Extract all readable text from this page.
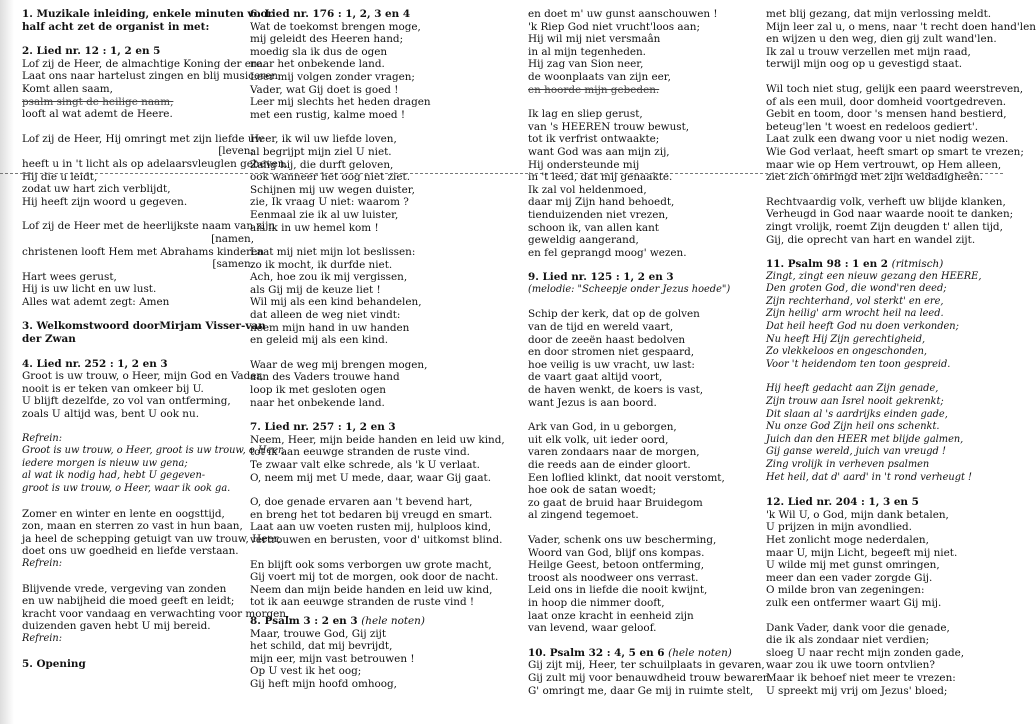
1. Muzikale inleiding, enkele minuten voor
half acht zet de organist in met:
2. Lied nr. 12 : 1, 2 en 5
Lof zij de Heer, de almachtige Koning der ere.
Laat ons naar hartelust zingen en blij musiceren.
Komt allen saam,
psalm singt de heilige naam,
looft al wat ademt de Heere.
Lof zij de Heer, Hij omringt met zijn liefde uw
[leven;
heeft u in 't licht als op adelaarsvleuglen geheven.
Hij die u leidt,
zodat uw hart zich verblijdt,
Hij heeft zijn woord u gegeven.
Lof zij de Heer met de heerlijkste naam van zijn
[namen,
christenen looft Hem met Abrahams kinderen
[samen.
Hart wees gerust,
Hij is uw licht en uw lust.
Alles wat ademt zegt: Amen
3. Welkomstwoord doorMirjam Visser-van
der Zwan
4. Lied nr. 252 : 1, 2 en 3
Groot is uw trouw, o Heer, mijn God en Vader,
nooit is er teken van omkeer bij U.
U blijft dezelfde, zo vol van ontferming,
zoals U altijd was, bent U ook nu.
Refrein:
Groot is uw trouw, o Heer, groot is uw trouw, o Heer,
iedere morgen is nieuw uw gena;
al wat ik nodig had, hebt U gegeven-
groot is uw trouw, o Heer, waar ik ook ga.
Zomer en winter en lente en oogsttijd,
zon, maan en sterren zo vast in hun baan,
ja heel de schepping getuigt van uw trouw, Heer,
doet ons uw goedheid en liefde verstaan.
Refrein:
Blijvende vrede, vergeving van zonden
en uw nabijheid die moed geeft en leidt;
kracht voor vandaag en verwachting voor morgen,
duizenden gaven hebt U mij bereid.
Refrein:
5. Opening
6. Lied nr. 176 : 1, 2, 3 en 4
Wat de toekomst brengen moge,
mij geleidt des Heeren hand;
moedig sla ik dus de ogen
naar het onbekende land.
Leer mij volgen zonder vragen;
Vader, wat Gij doet is goed !
Leer mij slechts het heden dragen
met een rustig, kalme moed !
Heer, ik wil uw liefde loven,
al begrijpt mijn ziel U niet.
Zalig hij, die durft geloven,
ook wanneer het oog niet ziet.
Schijnen mij uw wegen duister,
zie, Ik vraag U niet: waarom ?
Eenmaal zie ik al uw luister,
als ik in uw hemel kom !
Laat mij niet mijn lot beslissen:
zo ik mocht, ik durfde niet.
Ach, hoe zou ik mij vergissen,
als Gij mij de keuze liet !
Wil mij als een kind behandelen,
dat alleen de weg niet vindt:
neem mijn hand in uw handen
en geleid mij als een kind.
Waar de weg mij brengen mogen,
aan des Vaders trouwe hand
loop ik met gesloten ogen
naar het onbekende land.
7. Lied nr. 257 : 1, 2 en 3
Neem, Heer, mijn beide handen en leid uw kind,
tot ik aan eeuwge stranden de ruste vind.
Te zwaar valt elke schrede, als 'k U verlaat.
O, neem mij met U mede, daar, waar Gij gaat.
O, doe genade ervaren aan 't bevend hart,
en breng het tot bedaren bij vreugd en smart.
Laat aan uw voeten rusten mij, hulploos kind,
vertrouwen en berusten, voor d' uitkomst blind.
En blijft ook soms verborgen uw grote macht,
Gij voert mij tot de morgen, ook door de nacht.
Neem dan mijn beide handen en leid uw kind,
tot ik aan eeuwge stranden de ruste vind !
8. Psalm 3 : 2 en 3 (hele noten)
Maar, trouwe God, Gij zijt
het schild, dat mij bevrijdt,
mijn eer, mijn vast betrouwen !
Op U vest ik het oog;
Gij heft mijn hoofd omhoog,
en doet m' uw gunst aanschouwen !
'k Riep God niet vrucht'loos aan;
Hij wil mij niet versmaân
in al mijn tegenheden.
Hij zag van Sion neer,
de woonplaats van zijn eer,
en hoorde mijn gebeden.
Ik lag en sliep gerust,
van 's HEEREN trouw bewust,
tot ik verfrist ontwaakte;
want God was aan mijn zij,
Hij ondersteunde mij
in 't leed, dat mij genaakte.
Ik zal vol heldenmoed,
daar mij Zijn hand behoedt,
tienduizenden niet vrezen,
schoon ik, van allen kant
geweldig aangerand,
en fel geprangd moog' wezen.
9. Lied nr. 125 : 1, 2 en 3
(melodie: "Scheepje onder Jezus hoede")
Schip der kerk, dat op de golven
van de tijd en wereld vaart,
door de zeeën haast bedolven
en door stromen niet gespaard,
hoe veilig is uw vracht, uw last:
de vaart gaat altijd voort,
de haven wenkt, de koers is vast,
want Jezus is aan boord.
Ark van God, in u geborgen,
uit elk volk, uit ieder oord,
varen zondaars naar de morgen,
die reeds aan de einder gloort.
Een loflied klinkt, dat nooit verstomt,
hoe ook de satan woedt;
zo gaat de bruid haar Bruidegom
al zingend tegemoet.
Vader, schenk ons uw bescherming,
Woord van God, blijf ons kompas.
Heilge Geest, betoon ontferming,
troost als noodweer ons verrast.
Leid ons in liefde die nooit kwijnt,
in hoop die nimmer dooft,
laat onze kracht in eenheid zijn
van levend, waar geloof.
10. Psalm 32 : 4, 5 en 6 (hele noten)
Gij zijt mij, Heer, ter schuilplaats in gevaren,
Gij zult mij voor benauwdheid trouw bewaren.
G' omringt me, daar Ge mij in ruimte stelt,
met blij gezang, dat mijn verlossing meldt.
Mijn leer zal u, o mens, naar 't recht doen hand'len
en wijzen u den weg, dien gij zult wand'len.
Ik zal u trouw verzellen met mijn raad,
terwijl mijn oog op u gevestigd staat.
Wil toch niet stug, gelijk een paard weerstreven,
of als een muil, door domheid voortgedreven.
Gebit en toom, door 's mensen hand bestierd,
beteug'len 't woest en redeloos gediert'.
Laat zulk een dwang voor u niet nodig wezen.
Wie God verlaat, heeft smart op smart te vrezen;
maar wie op Hem vertrouwt, op Hem alleen,
ziet zich omringd met zijn weldadigheên.
Rechtvaardig volk, verheft uw blijde klanken,
Verheugd in God naar waarde nooit te danken;
zingt vrolijk, roemt Zijn deugden t' allen tijd,
Gij, die oprecht van hart en wandel zijt.
11. Psalm 98 : 1 en 2 (ritmisch)
Zingt, zingt een nieuw gezang den HEERE,
Den groten God, die wond'ren deed;
Zijn rechterhand, vol sterkt' en ere,
Zijn heilig' arm wrocht heil na leed.
Dat heil heeft God nu doen verkonden;
Nu heeft Hij Zijn gerechtigheid,
Zo vlekkeloos en ongeschonden,
Voor 't heidendom ten toon gespreid.
Hij heeft gedacht aan Zijn genade,
Zijn trouw aan Isrel nooit gekrenkt;
Dit slaan al 's aardrijks einden gade,
Nu onze God Zijn heil ons schenkt.
Juich dan den HEER met blijde galmen,
Gij ganse wereld, juich van vreugd !
Zing vrolijk in verheven psalmen
Het heil, dat d' aard' in 't rond verheugt !
12. Lied nr. 204 : 1, 3 en 5
'k Wil U, o God, mijn dank betalen,
U prijzen in mijn avondlied.
Het zonlicht moge nederdalen,
maar U, mijn Licht, begeeft mij niet.
U wilde mij met gunst omringen,
meer dan een vader zorgde Gij.
O milde bron van zegeningen:
zulk een ontfermer waart Gij mij.
Dank Vader, dank voor die genade,
die ik als zondaar niet verdien;
sloeg U naar recht mijn zonden gade,
waar zou ik uwe toorn ontvlien?
Maar ik behoef niet meer te vrezen:
U spreekt mij vrij om Jezus' bloed;
